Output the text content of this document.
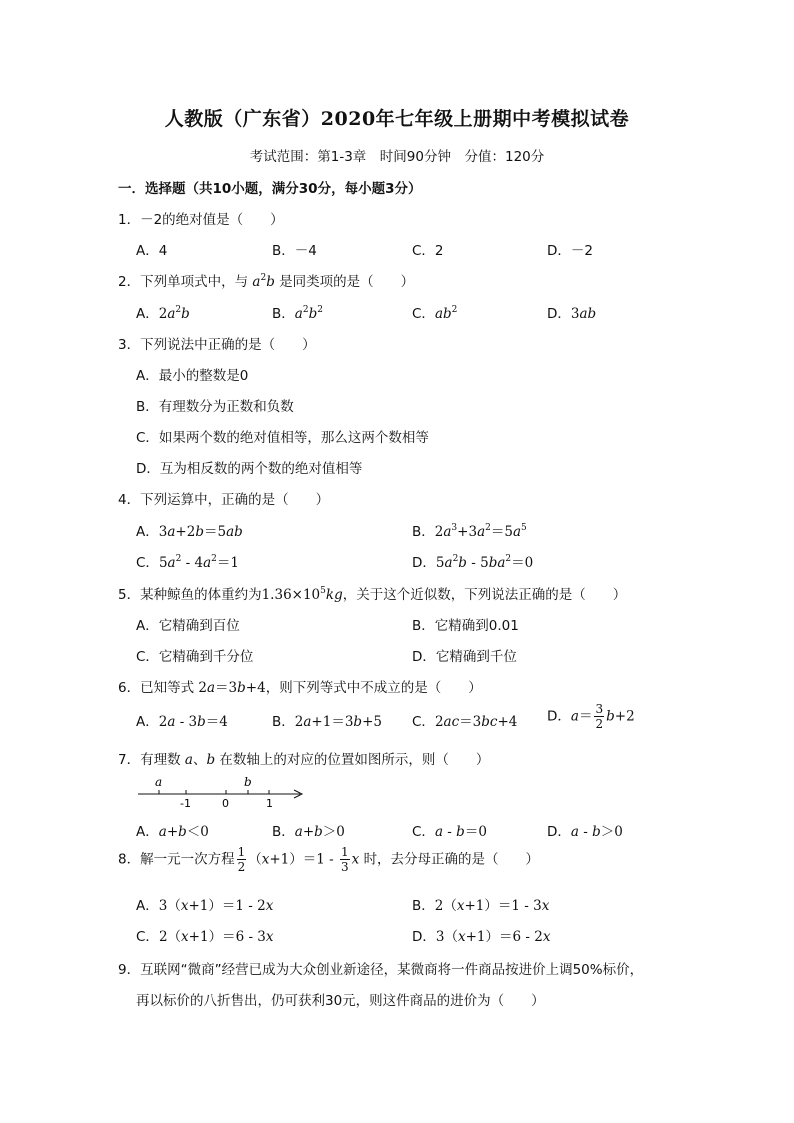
人教版（广东省）2020年七年级上册期中考模拟试卷
考试范围：第1-3章　时间90分钟　分值：120分
一．选择题（共10小题，满分30分，每小题3分）
1．－2的绝对值是（　　）
A．4	B．－4	C．2	D．－2
2．下列单项式中，与 $a^2b$ 是同类项的是（　　）
A．$2a^2b$	B．$a^2b^2$	C．$ab^2$	D．3ab
3．下列说法中正确的是（　　）
A．最小的整数是0
B．有理数分为正数和负数
C．如果两个数的绝对值相等，那么这两个数相等
D．互为相反数的两个数的绝对值相等
4．下列运算中，正确的是（　　）
A．3a+2b＝5ab	B．$2a^3+3a^2=5a^5$
C．$5a^2 - 4a^2=1$	D．$5a^2b - 5ba^2=0$
5．某种鲸鱼的体重约为$1.36\times 10^5kg$，关于这个近似数，下列说法正确的是（　　）
A．它精确到百位	B．它精确到0.01
C．它精确到千分位	D．它精确到千位
6．已知等式 2a＝3b+4，则下列等式中不成立的是（　　）
A．2a - 3b＝4	B．2a+1＝3b+5 C．2ac＝3bc+4 D．$a= \frac{3}{2} b+2$
7．有理数 a、b 在数轴上的对应的位置如图所示，则（　　）
a	b
-1	0	1
A．a+b＜0	B．a+b＞0	C．a - b＝0	D．a - b＞0
8．解一元一次方程 $\frac{1}{2} (x+1)=1 - \frac{1}{3}$ x 时，去分母正确的是（　　）
A．3（x+1）＝1 - 2x	B．2（x+1）＝1 - 3x
C．2（x+1）＝6 - 3x	D．3（x+1）＝6 - 2x
9．互联网“微商”经营已成为大众创业新途径，某微商将一件商品按进价上调50%标价，
再以标价的八折售出，仍可获利30元，则这件商品的进价为（　　）
